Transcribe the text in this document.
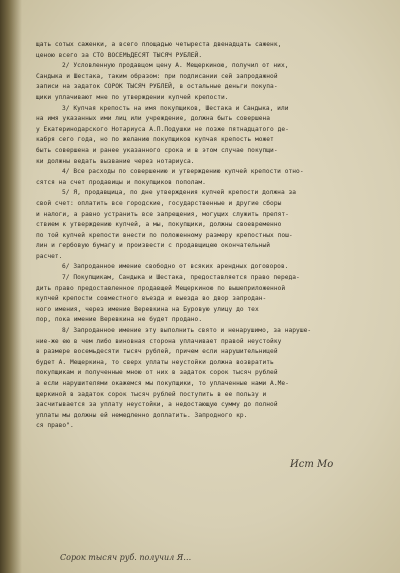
щать сотых саженки, а всего площадью четыреста двенадцать саженк,
ценою всего за СТО ВОСЕМЬДЕСЯТ ТЫСЯЧ РУБЛЕЙ.
2/ Условленную продавцом цену А. Мещеркиною, получил от них,
Сандыка и Шестака, таким образом: при подписании сей запродажной
записи на задаток СОРОК ТЫСЯЧ РУБЛЕЙ, в остальные деньги покупа-
щики уплачивают мне по утверждении купчей крепости.
3/ Купчая крепость на имя покупщиков, Шестака и Сандыка, или
на имя указанных ими лиц или учреждение, должна быть совершена
у Екатеринодарского Нотариуса А.П.Подушки не позже пятнадцатого де-
кабря сего года, но по желанию покупщиков купчая крепость может
быть совершена и ранее указанного срока и в этом случае покупщи-
ки должны ведать вызвание через нотариуса.
4/ Все расходы по совершению и утверждению купчей крепости отно-
сятся на счет продавицы и покупщиков пополам.
5/ Я, продавщица, по дне утверждения купчей крепости должна за
свой счет: оплатить все городские, государственные и другие сборы
и налоги, а равно устранить все запрещения, могущих служить препят-
ствием к утверждению купчей, а мы, покупщики, должны своевременно
по той купчей крепости внести по положенному размеру крепостных пош-
лин и гербовую бумагу и произвести с продавщицею окончательный
расчет.
6/ Запроданное имение свободно от всяких арендных договоров.
7/ Покупщикам, Сандыка и Шестака, предоставляется право переда-
дить право предоставленное продавщей Мещеркиною по вышеприложенной
купчей крепости совместного въезда и выезда во двор запродан-
ного имения, через имение Веревкина на Буровую улицу до тех
пор, пока имение Веревкина не будет продано.
8/ Запроданное имение эту выполнить свято и ненарушимо, за наруше-
ние-же ею в чем либо виновная сторона уплачивает правой неустойку
в размере восемьдесяти тысяч рублей, причем если нарушительницей
будет А. Мещеркина, то сверх уплаты неустойки должна возвратить
покупщикам и полученные мною от них в задаток сорок тысяч рублей
а если нарушителями окажемся мы покупщики, то уплаченные нами А.Ме-
щеркиной в задаток сорок тысяч рублей поступить в ее пользу и
засчитывается за уплату неустойки, а недостающую сумму до полной
уплаты мы должны ей немедленно доплатить. Запродного кр.
ся право".
Ист Мо
Сорок тысяч руб. получил Я…
